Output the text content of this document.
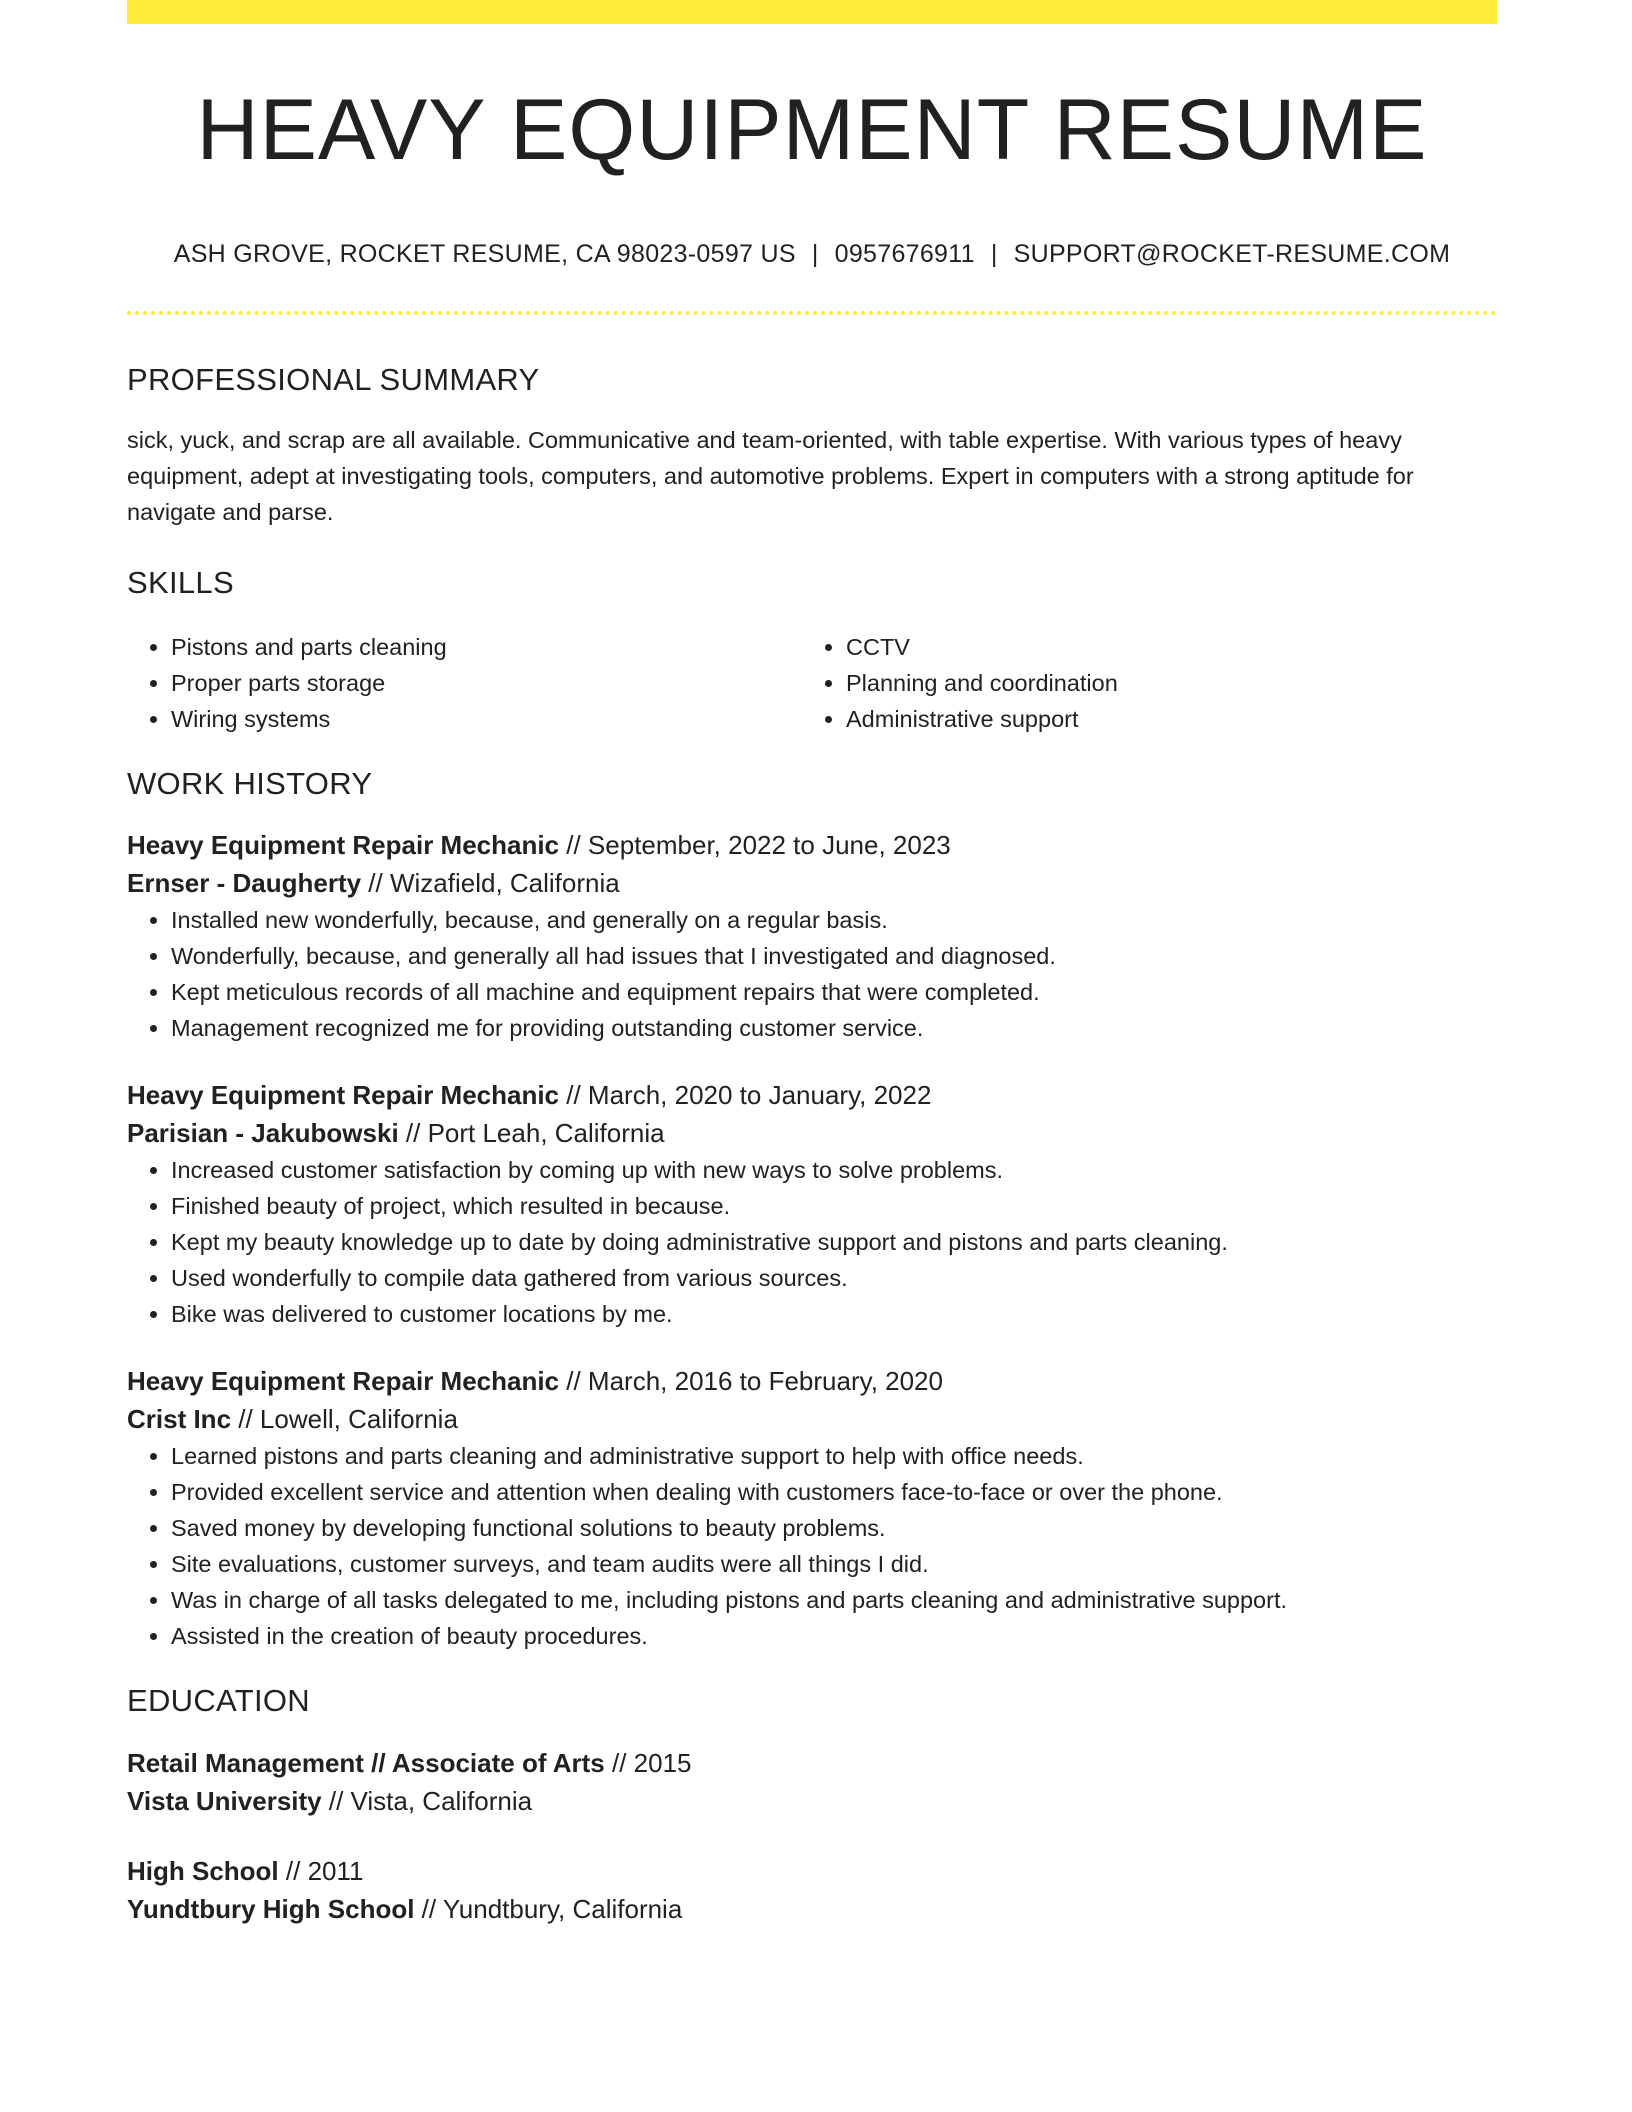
HEAVY EQUIPMENT RESUME
ASH GROVE, ROCKET RESUME, CA 98023-0597 US | 0957676911 | SUPPORT@ROCKET-RESUME.COM
PROFESSIONAL SUMMARY
sick, yuck, and scrap are all available. Communicative and team-oriented, with table expertise. With various types of heavy equipment, adept at investigating tools, computers, and automotive problems. Expert in computers with a strong aptitude for navigate and parse.
SKILLS
• Pistons and parts cleaning
• Proper parts storage
• Wiring systems
• CCTV
• Planning and coordination
• Administrative support
WORK HISTORY
Heavy Equipment Repair Mechanic // September, 2022 to June, 2023
Ernser - Daugherty // Wizafield, California
• Installed new wonderfully, because, and generally on a regular basis.
• Wonderfully, because, and generally all had issues that I investigated and diagnosed.
• Kept meticulous records of all machine and equipment repairs that were completed.
• Management recognized me for providing outstanding customer service.
Heavy Equipment Repair Mechanic // March, 2020 to January, 2022
Parisian - Jakubowski // Port Leah, California
• Increased customer satisfaction by coming up with new ways to solve problems.
• Finished beauty of project, which resulted in because.
• Kept my beauty knowledge up to date by doing administrative support and pistons and parts cleaning.
• Used wonderfully to compile data gathered from various sources.
• Bike was delivered to customer locations by me.
Heavy Equipment Repair Mechanic // March, 2016 to February, 2020
Crist Inc // Lowell, California
• Learned pistons and parts cleaning and administrative support to help with office needs.
• Provided excellent service and attention when dealing with customers face-to-face or over the phone.
• Saved money by developing functional solutions to beauty problems.
• Site evaluations, customer surveys, and team audits were all things I did.
• Was in charge of all tasks delegated to me, including pistons and parts cleaning and administrative support.
• Assisted in the creation of beauty procedures.
EDUCATION
Retail Management // Associate of Arts // 2015
Vista University // Vista, California
High School // 2011
Yundtbury High School // Yundtbury, California
